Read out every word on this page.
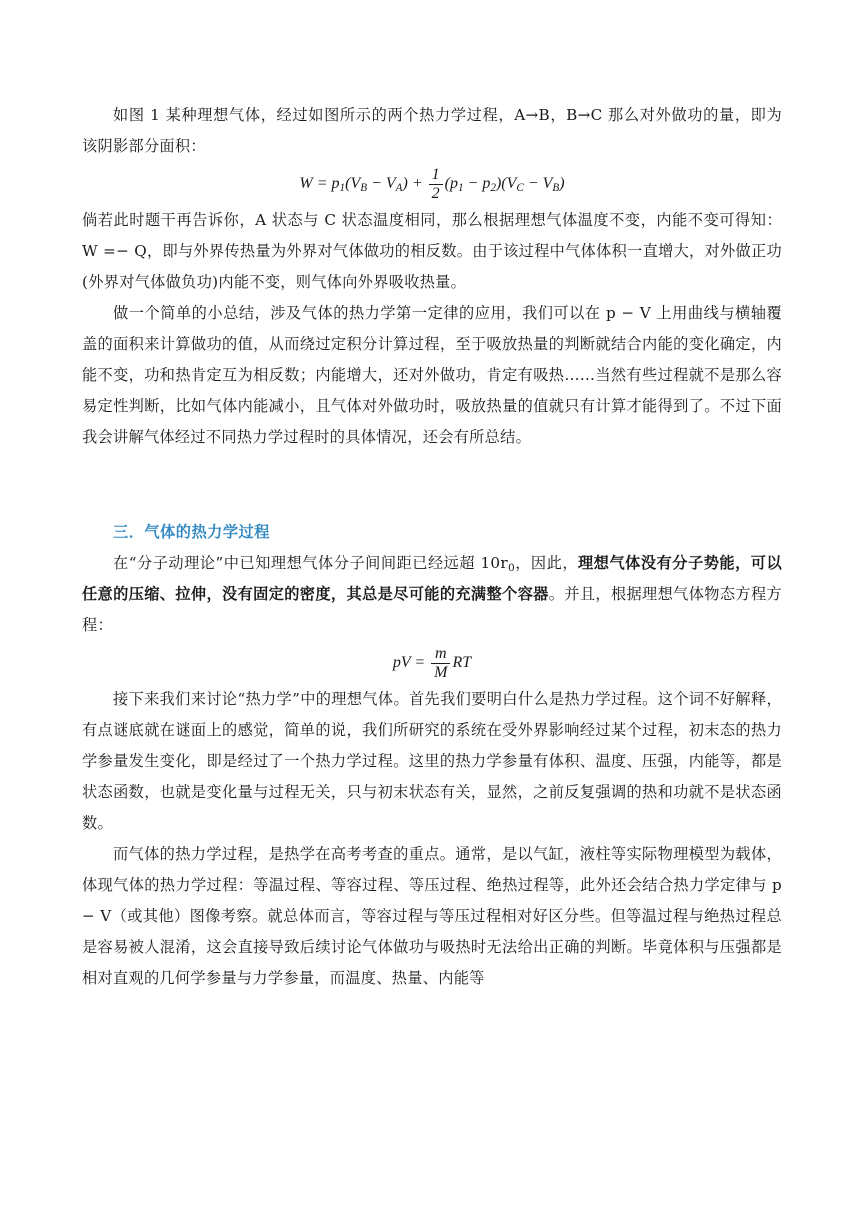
如图 1 某种理想气体，经过如图所示的两个热力学过程，A→B，B→C 那么对外做功的量，即为该阴影部分面积：

$W = p_1(V_B - V_A) + \frac{1}{2} (p_1 - p_2)(V_C - V_B)$

倘若此时题干再告诉你，A 状态与 C 状态温度相同，那么根据理想气体温度不变，内能不变可得知：W =− Q，即与外界传热量为外界对气体做功的相反数。由于该过程中气体体积一直增大，对外做正功(外界对气体做负功)内能不变，则气体向外界吸收热量。

做一个简单的小总结，涉及气体的热力学第一定律的应用，我们可以在 p − V 上用曲线与横轴覆盖的面积来计算做功的值，从而绕过定积分计算过程，至于吸放热量的判断就结合内能的变化确定，内能不变，功和热肯定互为相反数；内能增大，还对外做功，肯定有吸热……当然有些过程就不是那么容易定性判断，比如气体内能减小，且气体对外做功时，吸放热量的值就只有计算才能得到了。不过下面我会讲解气体经过不同热力学过程时的具体情况，还会有所总结。

三．气体的热力学过程

在“分子动理论”中已知理想气体分子间间距已经远超 $10r_0$，因此，理想气体没有分子势能，可以任意的压缩、拉伸，没有固定的密度，其总是尽可能的充满整个容器。并且，根据理想气体物态方程方程：

pV = $\frac{m}{M}$ RT

接下来我们来讨论“热力学”中的理想气体。首先我们要明白什么是热力学过程。这个词不好解释，有点谜底就在谜面上的感觉，简单的说，我们所研究的系统在受外界影响经过某个过程，初末态的热力学参量发生变化，即是经过了一个热力学过程。这里的热力学参量有体积、温度、压强，内能等，都是状态函数，也就是变化量与过程无关，只与初末状态有关，显然，之前反复强调的热和功就不是状态函数。

而气体的热力学过程，是热学在高考考查的重点。通常，是以气缸，液柱等实际物理模型为载体，体现气体的热力学过程：等温过程、等容过程、等压过程、绝热过程等，此外还会结合热力学定律与 p − V（或其他）图像考察。就总体而言，等容过程与等压过程相对好区分些。但等温过程与绝热过程总是容易被人混淆，这会直接导致后续讨论气体做功与吸热时无法给出正确的判断。毕竟体积与压强都是相对直观的几何学参量与力学参量，而温度、热量、内能等
